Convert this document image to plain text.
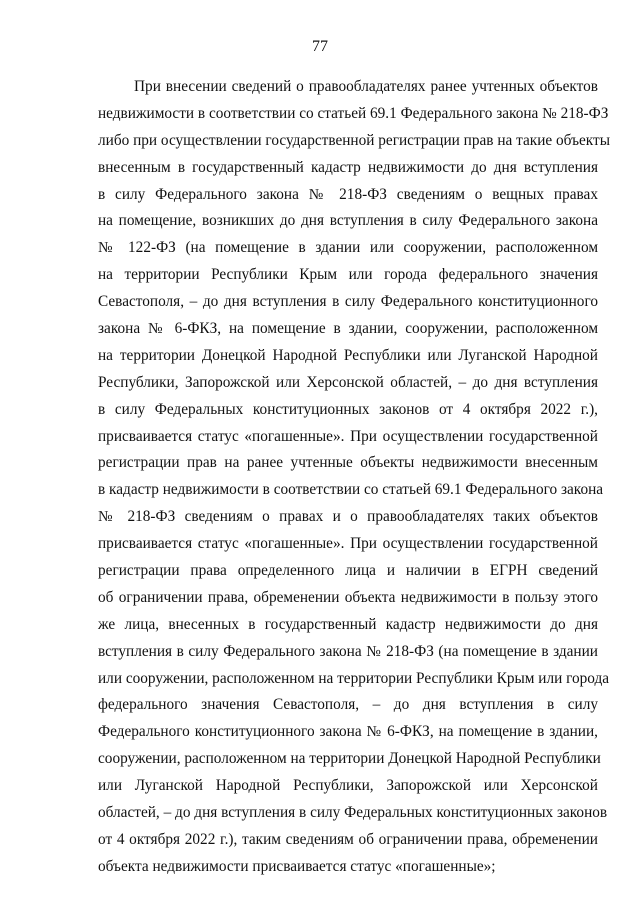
77
При внесении сведений о правообладателях ранее учтенных объектов
недвижимости в соответствии со статьей 69.1 Федерального закона № 218-ФЗ
либо при осуществлении государственной регистрации прав на такие объекты
внесенным в государственный кадастр недвижимости до дня вступления
в силу Федерального закона № 218-ФЗ сведениям о вещных правах
на помещение, возникших до дня вступления в силу Федерального закона
№ 122-ФЗ (на помещение в здании или сооружении, расположенном
на территории Республики Крым или города федерального значения
Севастополя, – до дня вступления в силу Федерального конституционного
закона № 6-ФКЗ, на помещение в здании, сооружении, расположенном
на территории Донецкой Народной Республики или Луганской Народной
Республики, Запорожской или Херсонской областей, – до дня вступления
в силу Федеральных конституционных законов от 4 октября 2022 г.),
присваивается статус «погашенные». При осуществлении государственной
регистрации прав на ранее учтенные объекты недвижимости внесенным
в кадастр недвижимости в соответствии со статьей 69.1 Федерального закона
№ 218-ФЗ сведениям о правах и о правообладателях таких объектов
присваивается статус «погашенные». При осуществлении государственной
регистрации права определенного лица и наличии в ЕГРН сведений
об ограничении права, обременении объекта недвижимости в пользу этого
же лица, внесенных в государственный кадастр недвижимости до дня
вступления в силу Федерального закона № 218-ФЗ (на помещение в здании
или сооружении, расположенном на территории Республики Крым или города
федерального значения Севастополя, – до дня вступления в силу
Федерального конституционного закона № 6-ФКЗ, на помещение в здании,
сооружении, расположенном на территории Донецкой Народной Республики
или Луганской Народной Республики, Запорожской или Херсонской
областей, – до дня вступления в силу Федеральных конституционных законов
от 4 октября 2022 г.), таким сведениям об ограничении права, обременении
объекта недвижимости присваивается статус «погашенные»;
